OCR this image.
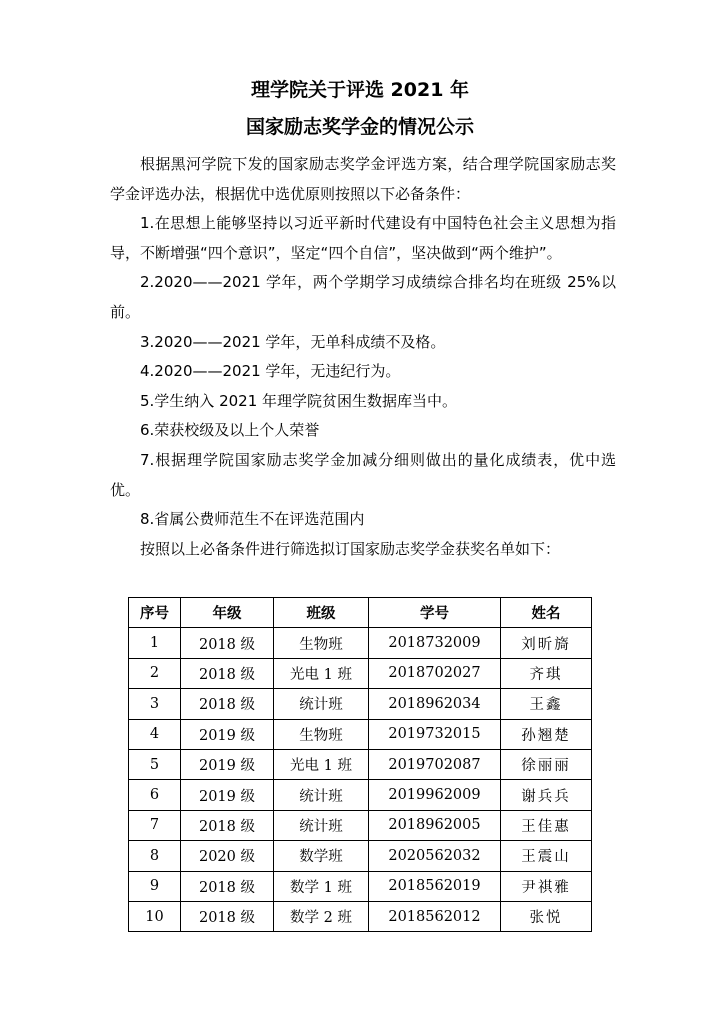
理学院关于评选 2021 年
国家励志奖学金的情况公示

根据黑河学院下发的国家励志奖学金评选方案，结合理学院国家励志奖学金评选办法，根据优中选优原则按照以下必备条件：

1.在思想上能够坚持以习近平新时代建设有中国特色社会主义思想为指导，不断增强“四个意识”，坚定“四个自信”，坚决做到“两个维护”。

2.2020——2021 学年，两个学期学习成绩综合排名均在班级 25%以前。

3.2020——2021 学年，无单科成绩不及格。

4.2020——2021 学年，无违纪行为。

5.学生纳入 2021 年理学院贫困生数据库当中。

6.荣获校级及以上个人荣誉

7.根据理学院国家励志奖学金加减分细则做出的量化成绩表，优中选优。

8.省属公费师范生不在评选范围内

按照以上必备条件进行筛选拟订国家励志奖学金获奖名单如下：

序号	年级	班级	学号	姓名
1	2018 级	生物班	2018732009	刘昕旖
2	2018 级	光电 1 班	2018702027	齐琪
3	2018 级	统计班	2018962034	王鑫
4	2019 级	生物班	2019732015	孙翘楚
5	2019 级	光电 1 班	2019702087	徐丽丽
6	2019 级	统计班	2019962009	谢兵兵
7	2018 级	统计班	2018962005	王佳惠
8	2020 级	数学班	2020562032	王震山
9	2018 级	数学 1 班	2018562019	尹祺雅
10	2018 级	数学 2 班	2018562012	张悦
